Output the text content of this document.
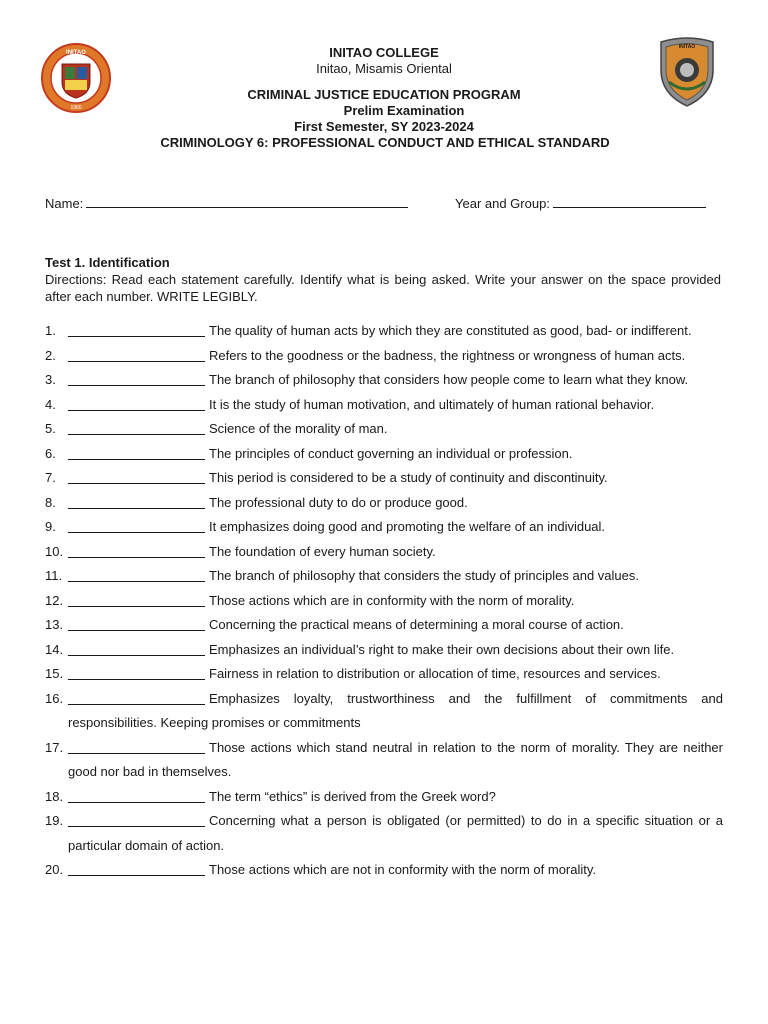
INITAO
1960
INITAO
INITAO COLLEGE
Initao, Misamis Oriental
CRIMINAL JUSTICE EDUCATION PROGRAM
Prelim Examination
First Semester, SY 2023-2024
CRIMINOLOGY 6: PROFESSIONAL CONDUCT AND ETHICAL STANDARD
Name:	Year and Group:
Test 1. Identification
Directions: Read each statement carefully. Identify what is being asked. Write your answer on the space provided after each number. WRITE LEGIBLY.
1.	The quality of human acts by which they are constituted as good, bad- or indifferent.
2.	Refers to the goodness or the badness, the rightness or wrongness of human acts.
3.	The branch of philosophy that considers how people come to learn what they know.
4.	It is the study of human motivation, and ultimately of human rational behavior.
5.	Science of the morality of man.
6.	The principles of conduct governing an individual or profession.
7.	This period is considered to be a study of continuity and discontinuity.
8.	The professional duty to do or produce good.
9.	It emphasizes doing good and promoting the welfare of an individual.
10.	The foundation of every human society.
11.	The branch of philosophy that considers the study of principles and values.
12.	Those actions which are in conformity with the norm of morality.
13.	Concerning the practical means of determining a moral course of action.
14.	Emphasizes an individual’s right to make their own decisions about their own life.
15.	Fairness in relation to distribution or allocation of time, resources and services.
16.	Emphasizes loyalty, trustworthiness and the fulfillment of commitments and responsibilities. Keeping promises or commitments
17.	Those actions which stand neutral in relation to the norm of morality. They are neither good nor bad in themselves.
18.	The term “ethics” is derived from the Greek word?
19.	Concerning what a person is obligated (or permitted) to do in a specific situation or a particular domain of action.
20.	Those actions which are not in conformity with the norm of morality.
